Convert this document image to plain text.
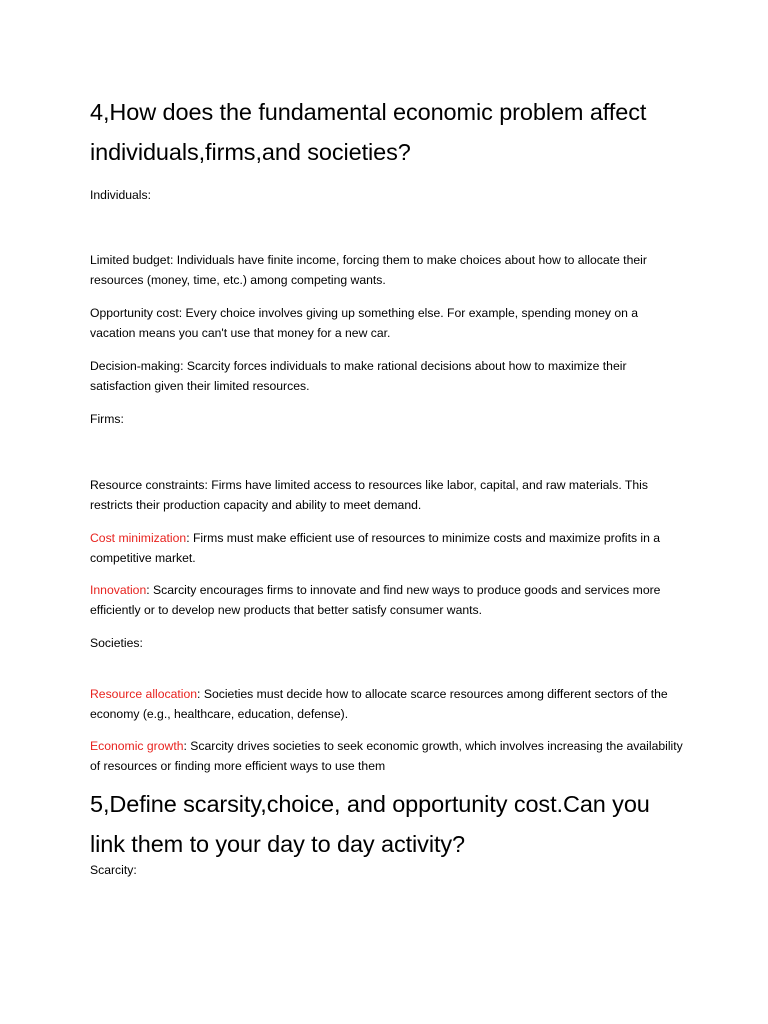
4,How does the fundamental economic problem affect individuals,firms,and societies?

Individuals:

Limited budget: Individuals have finite income, forcing them to make choices about how to allocate their resources (money, time, etc.) among competing wants.

Opportunity cost: Every choice involves giving up something else. For example, spending money on a vacation means you can't use that money for a new car.

Decision-making: Scarcity forces individuals to make rational decisions about how to maximize their satisfaction given their limited resources.

Firms:

Resource constraints: Firms have limited access to resources like labor, capital, and raw materials. This restricts their production capacity and ability to meet demand.

Cost minimization: Firms must make efficient use of resources to minimize costs and maximize profits in a competitive market.

Innovation: Scarcity encourages firms to innovate and find new ways to produce goods and services more efficiently or to develop new products that better satisfy consumer wants.

Societies:

Resource allocation: Societies must decide how to allocate scarce resources among different sectors of the economy (e.g., healthcare, education, defense).

Economic growth: Scarcity drives societies to seek economic growth, which involves increasing the availability of resources or finding more efficient ways to use them

5,Define scarsity,choice, and opportunity cost.Can you link them to your day to day activity?

Scarcity:
